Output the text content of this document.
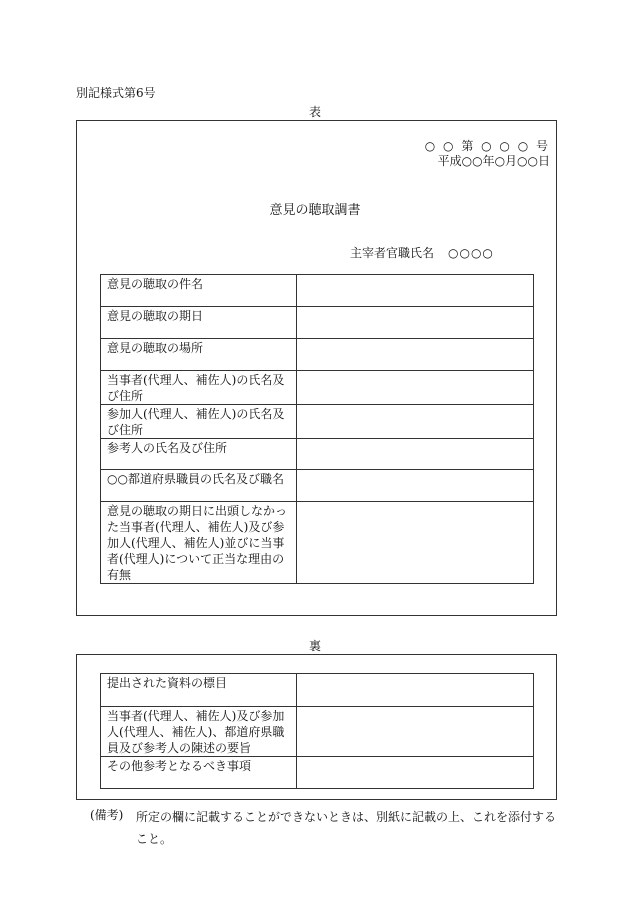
別記様式第6号
表
○ ○ 第 ○ ○ ○ 号
平成○○年○月○○日
意見の聴取調書
主宰者官職氏名 ○○○○
意見の聴取の件名	
意見の聴取の期日	
意見の聴取の場所	
当事者(代理人、補佐人)の氏名及び住所	
参加人(代理人、補佐人)の氏名及び住所	
参考人の氏名及び住所	
○○都道府県職員の氏名及び職名	
意見の聴取の期日に出頭しなかった当事者(代理人、補佐人)及び参加人(代理人、補佐人)並びに当事者(代理人)について正当な理由の有無	
裏
提出された資料の標目	
当事者(代理人、補佐人)及び参加人(代理人、補佐人)、都道府県職員及び参考人の陳述の要旨	
その他参考となるべき事項	
(備考) 所定の欄に記載することができないときは、別紙に記載の上、これを添付する
こと。
